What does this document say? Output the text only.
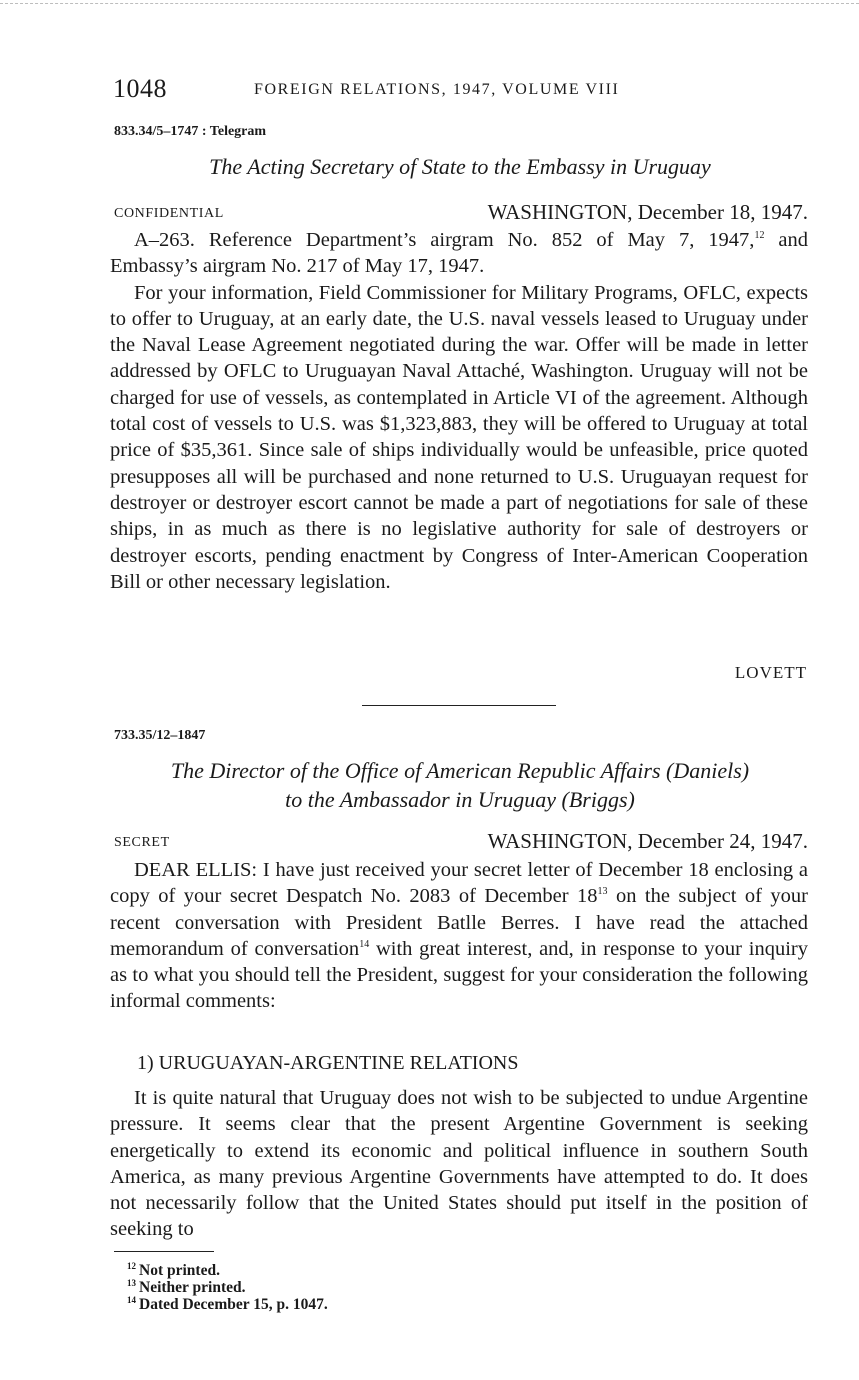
1048	FOREIGN RELATIONS, 1947, VOLUME VIII
833.34/5–1747 : Telegram
The Acting Secretary of State to the Embassy in Uruguay
CONFIDENTIAL	WASHINGTON, December 18, 1947.

A–263. Reference Department’s airgram No. 852 of May 7, 1947,12 and Embassy’s airgram No. 217 of May 17, 1947.

For your information, Field Commissioner for Military Programs, OFLC, expects to offer to Uruguay, at an early date, the U.S. naval vessels leased to Uruguay under the Naval Lease Agreement negotiated during the war. Offer will be made in letter addressed by OFLC to Uruguayan Naval Attaché, Washington. Uruguay will not be charged for use of vessels, as contemplated in Article VI of the agreement. Although total cost of vessels to U.S. was $1,323,883, they will be offered to Uruguay at total price of $35,361. Since sale of ships individually would be unfeasible, price quoted presupposes all will be purchased and none returned to U.S. Uruguayan request for destroyer or destroyer escort cannot be made a part of negotiations for sale of these ships, in as much as there is no legislative authority for sale of destroyers or destroyer escorts, pending enactment by Congress of Inter-American Cooperation Bill or other necessary legislation.

LOVETT
733.35/12–1847
The Director of the Office of American Republic Affairs (Daniels)
to the Ambassador in Uruguay (Briggs)
SECRET	WASHINGTON, December 24, 1947.

DEAR ELLIS: I have just received your secret letter of December 18 enclosing a copy of your secret Despatch No. 2083 of December 18$^{13}$ on the subject of your recent conversation with President Batlle Berres. I have read the attached memorandum of conversation$^{14}$ with great interest, and, in response to your inquiry as to what you should tell the President, suggest for your consideration the following informal comments:

1) URUGUAYAN-ARGENTINE RELATIONS

It is quite natural that Uruguay does not wish to be subjected to undue Argentine pressure. It seems clear that the present Argentine Government is seeking energetically to extend its economic and political influence in southern South America, as many previous Argentine Governments have attempted to do. It does not necessarily follow that the United States should put itself in the position of seeking to

$^{12}$ Not printed.
$^{13}$ Neither printed.
$^{14}$ Dated December 15, p. 1047.
